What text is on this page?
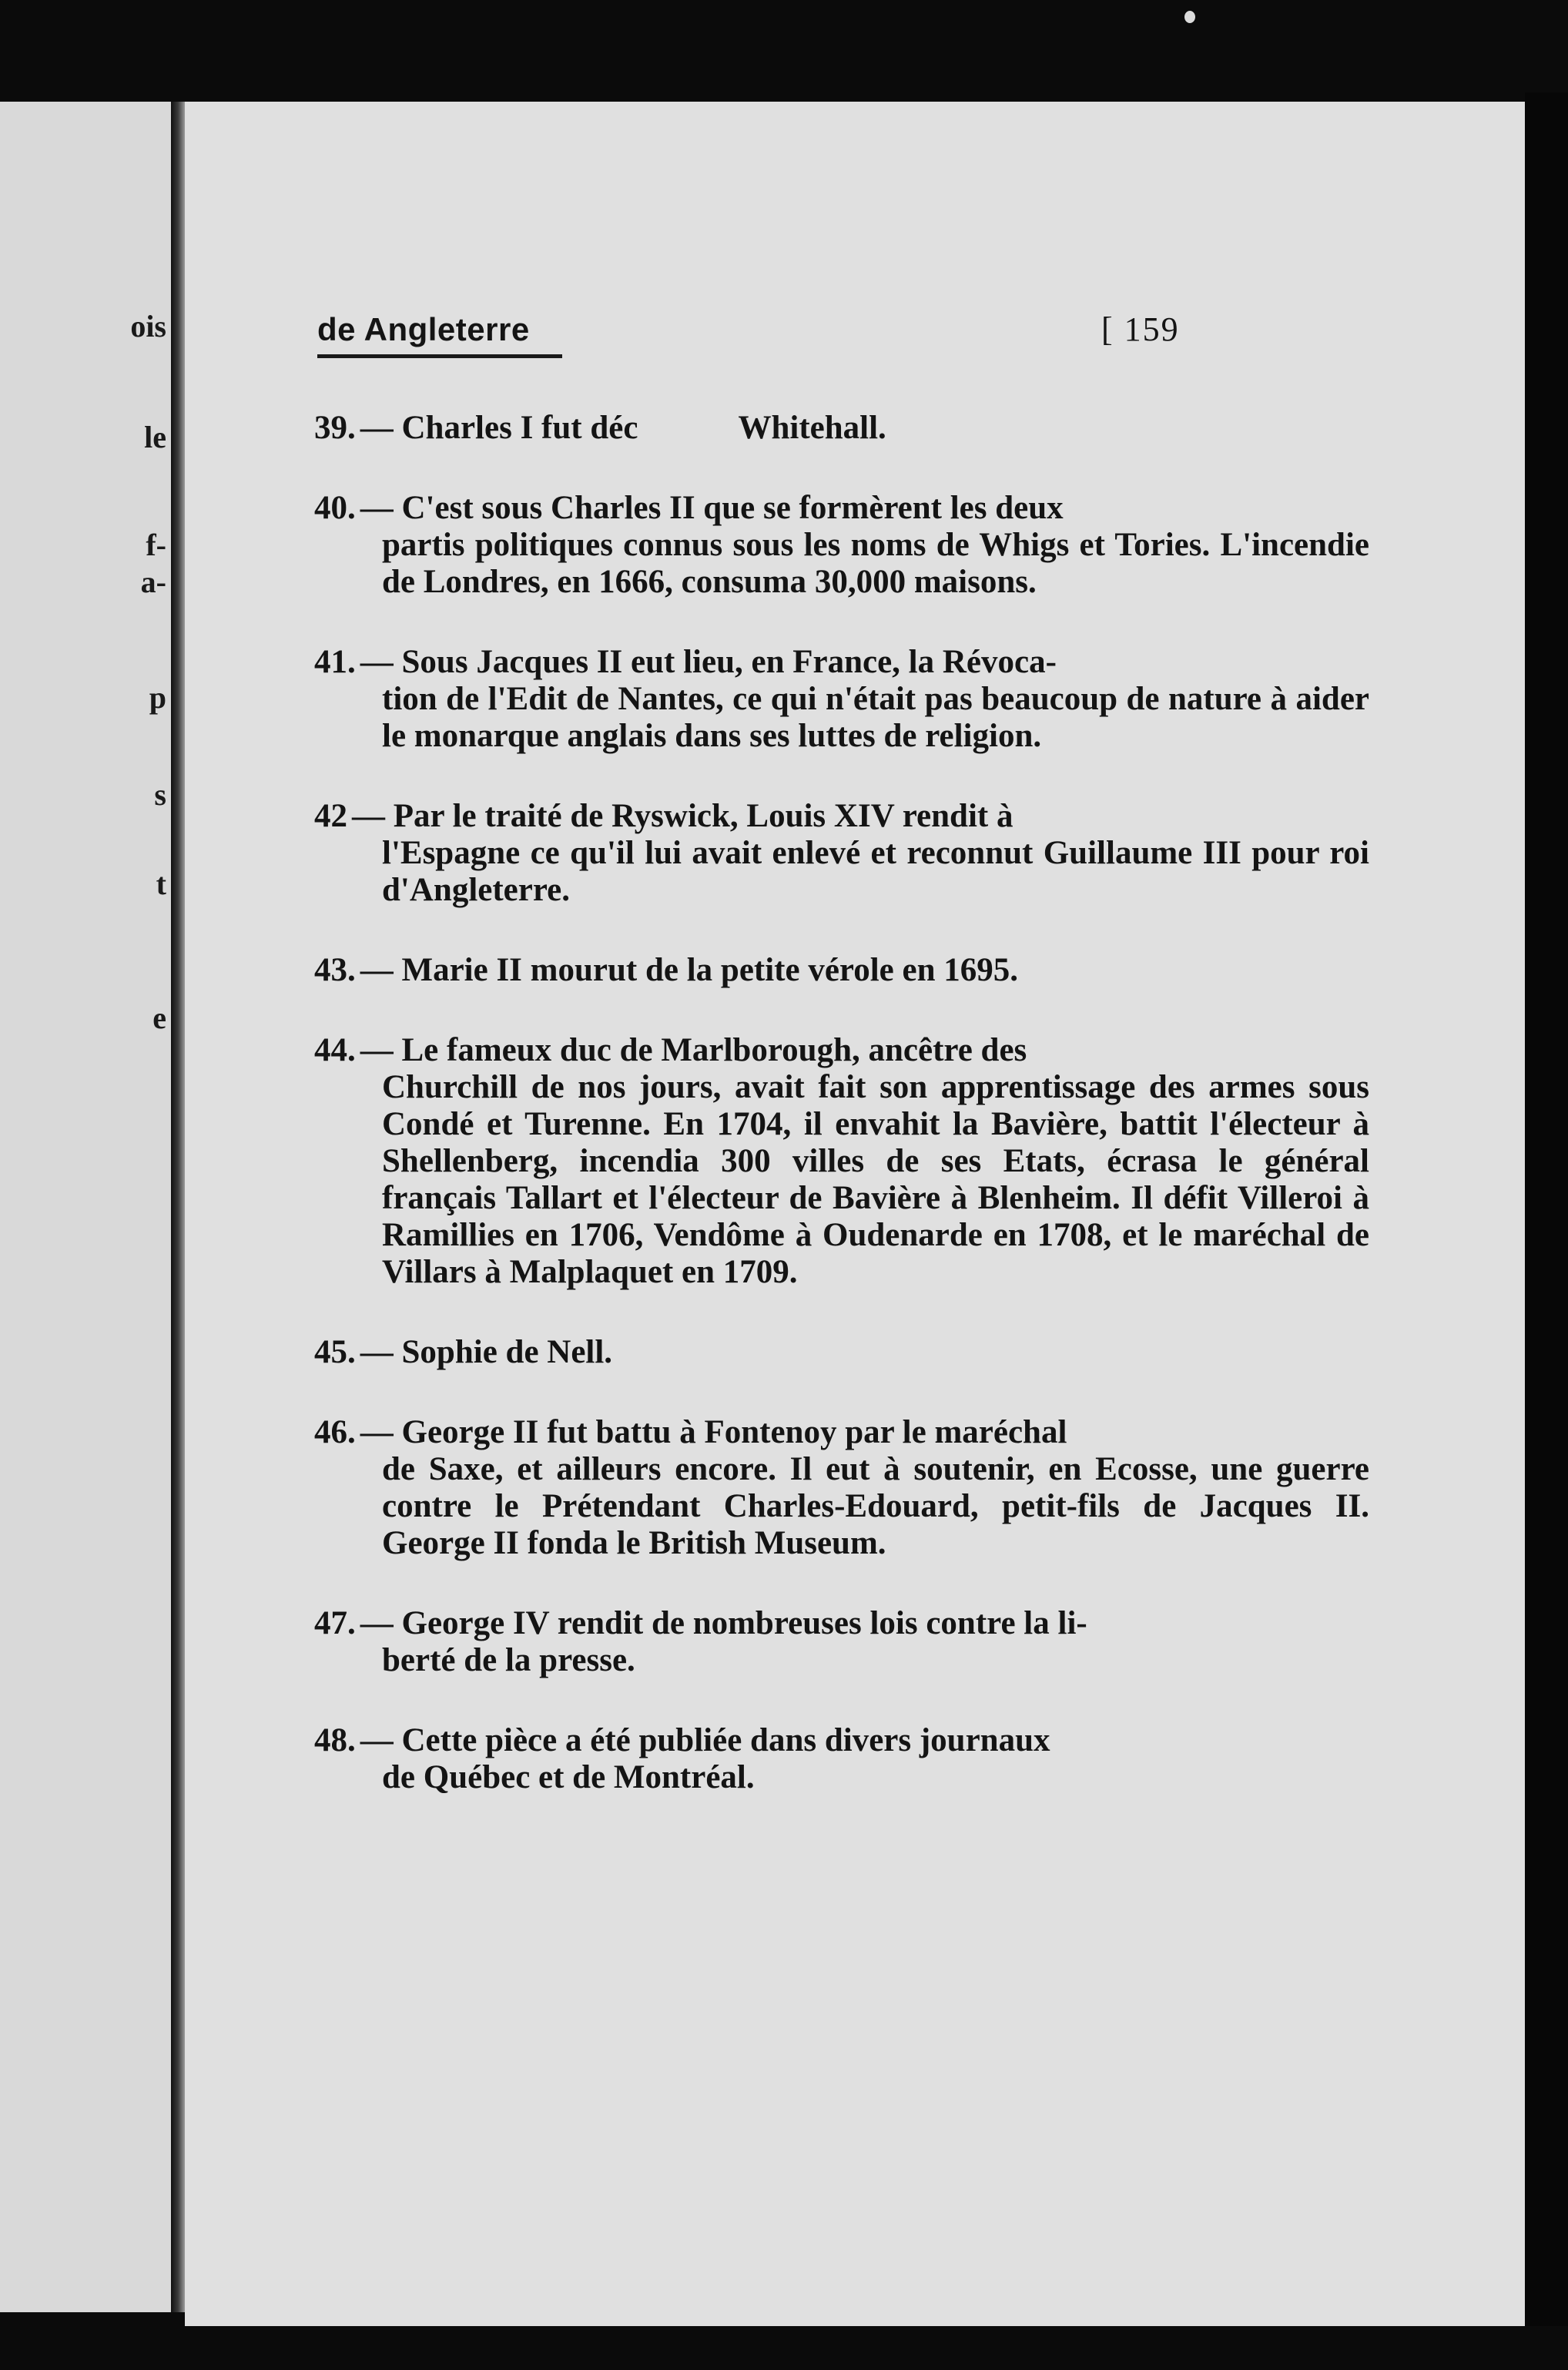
ois
le
f-
a-
p
s
t
e
de Angleterre	[ 159
39. — Charles I fut déc	Whitehall.
40. — C'est sous Charles II que se formèrent les deux
partis politiques connus sous les noms de Whigs et Tories. L'incendie de Londres, en 1666, consuma 30,000 maisons.
41. — Sous Jacques II eut lieu, en France, la Révoca-
tion de l'Edit de Nantes, ce qui n'était pas beaucoup de nature à aider le monarque anglais dans ses luttes de religion.
42 — Par le traité de Ryswick, Louis XIV rendit à
l'Espagne ce qu'il lui avait enlevé et reconnut Guillaume III pour roi d'Angleterre.
43. — Marie II mourut de la petite vérole en 1695.
44. — Le fameux duc de Marlborough, ancêtre des
Churchill de nos jours, avait fait son apprentissage des armes sous Condé et Turenne. En 1704, il envahit la Bavière, battit l'électeur à Shellenberg, incendia 300 villes de ses Etats, écrasa le général français Tallart et l'électeur de Bavière à Blenheim. Il défit Villeroi à Ramillies en 1706, Vendôme à Oudenarde en 1708, et le maréchal de Villars à Malplaquet en 1709.
45. — Sophie de Nell.
46. — George II fut battu à Fontenoy par le maréchal
de Saxe, et ailleurs encore. Il eut à soutenir, en Ecosse, une guerre contre le Prétendant Charles-Edouard, petit-fils de Jacques II. George II fonda le British Museum.
47. — George IV rendit de nombreuses lois contre la li-
berté de la presse.
48. — Cette pièce a été publiée dans divers journaux
de Québec et de Montréal.
